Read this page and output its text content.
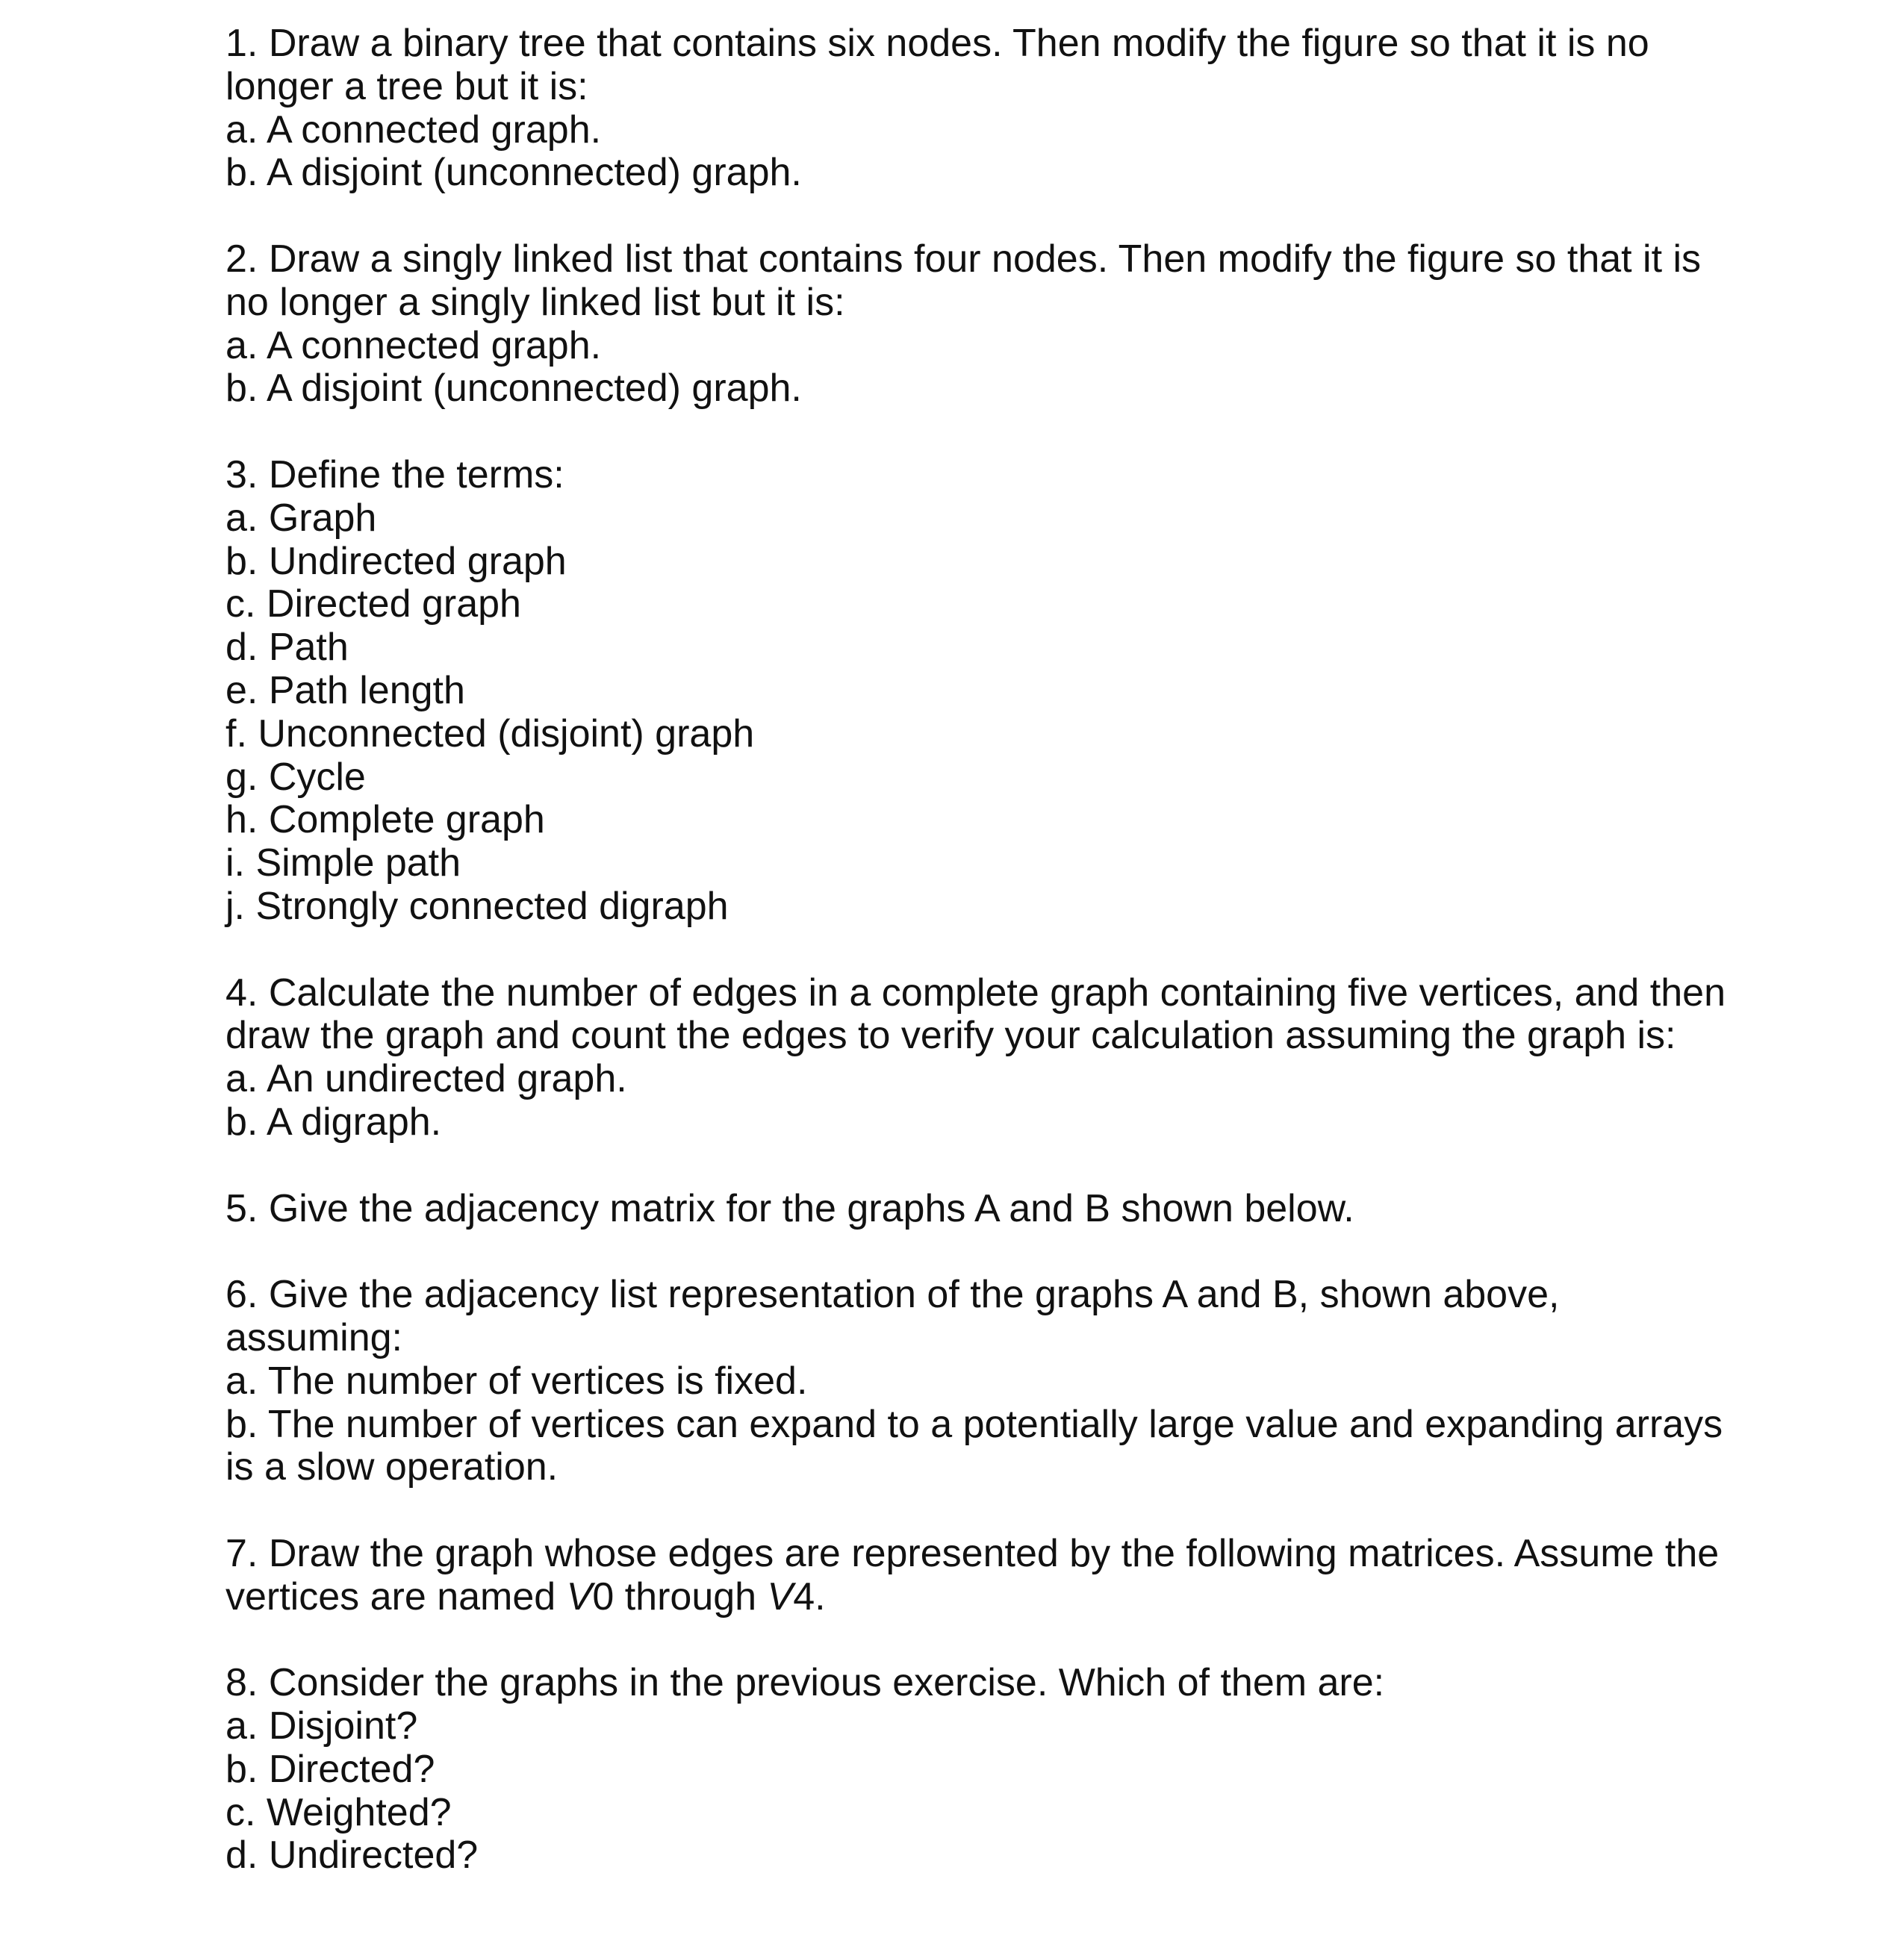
1. Draw a binary tree that contains six nodes. Then modify the figure so that it is no
longer a tree but it is:
a. A connected graph.
b. A disjoint (unconnected) graph.
2. Draw a singly linked list that contains four nodes. Then modify the figure so that it is
no longer a singly linked list but it is:
a. A connected graph.
b. A disjoint (unconnected) graph.
3. Define the terms:
a. Graph
b. Undirected graph
c. Directed graph
d. Path
e. Path length
f. Unconnected (disjoint) graph
g. Cycle
h. Complete graph
i. Simple path
j. Strongly connected digraph
4. Calculate the number of edges in a complete graph containing five vertices, and then
draw the graph and count the edges to verify your calculation assuming the graph is:
a. An undirected graph.
b. A digraph.
5. Give the adjacency matrix for the graphs A and B shown below.
6. Give the adjacency list representation of the graphs A and B, shown above,
assuming:
a. The number of vertices is fixed.
b. The number of vertices can expand to a potentially large value and expanding arrays
is a slow operation.
7. Draw the graph whose edges are represented by the following matrices. Assume the
vertices are named V0 through V4.
8. Consider the graphs in the previous exercise. Which of them are:
a. Disjoint?
b. Directed?
c. Weighted?
d. Undirected?
